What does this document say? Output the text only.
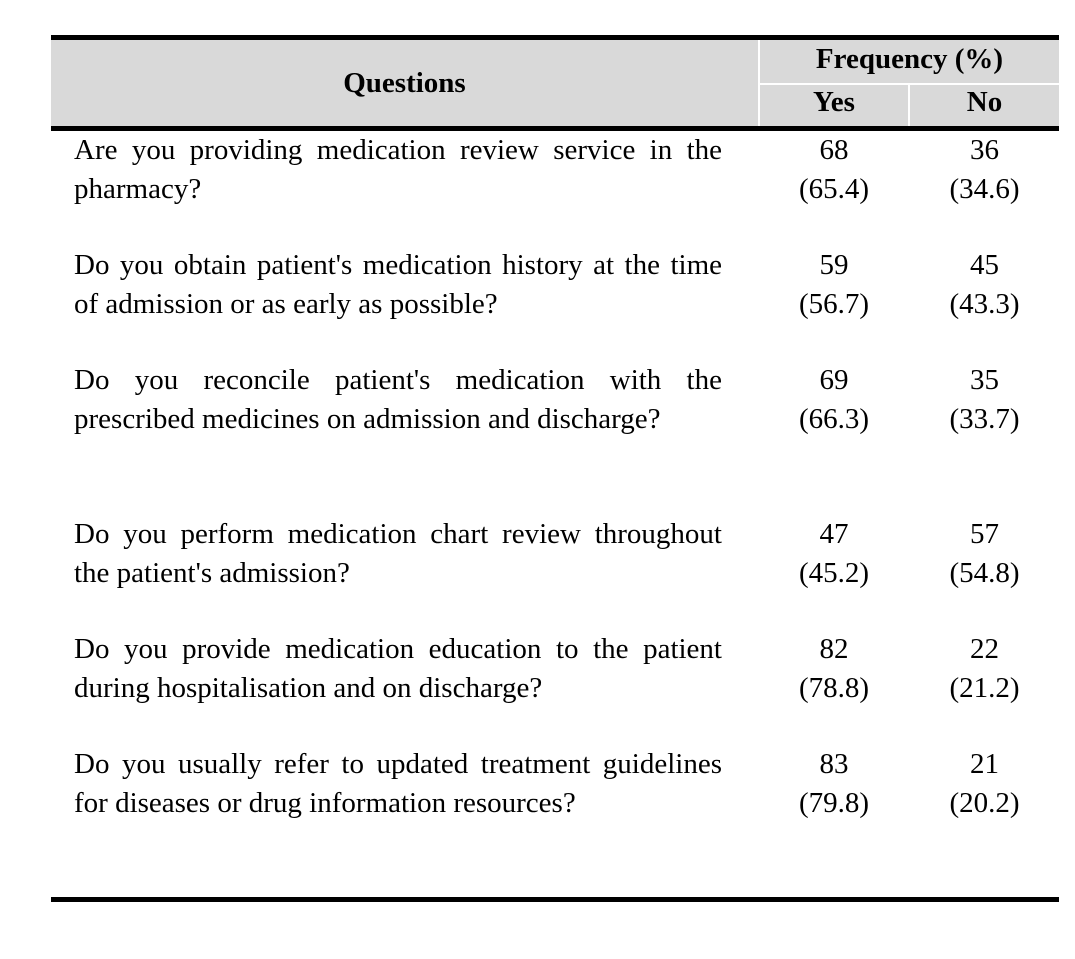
Questions
Frequency (%)
Yes	No
Are you providing medication review service in the pharmacy?
68
(65.4)
36
(34.6)
Do you obtain patient's medication history at the time of admission or as early as possible?
59
(56.7)
45
(43.3)
Do you reconcile patient's medication with the prescribed medicines on admission and discharge?
69
(66.3)
35
(33.7)
Do you perform medication chart review throughout the patient's admission?
47
(45.2)
57
(54.8)
Do you provide medication education to the patient during hospitalisation and on discharge?
82
(78.8)
22
(21.2)
Do you usually refer to updated treatment guidelines for diseases or drug information resources?
83
(79.8)
21
(20.2)
